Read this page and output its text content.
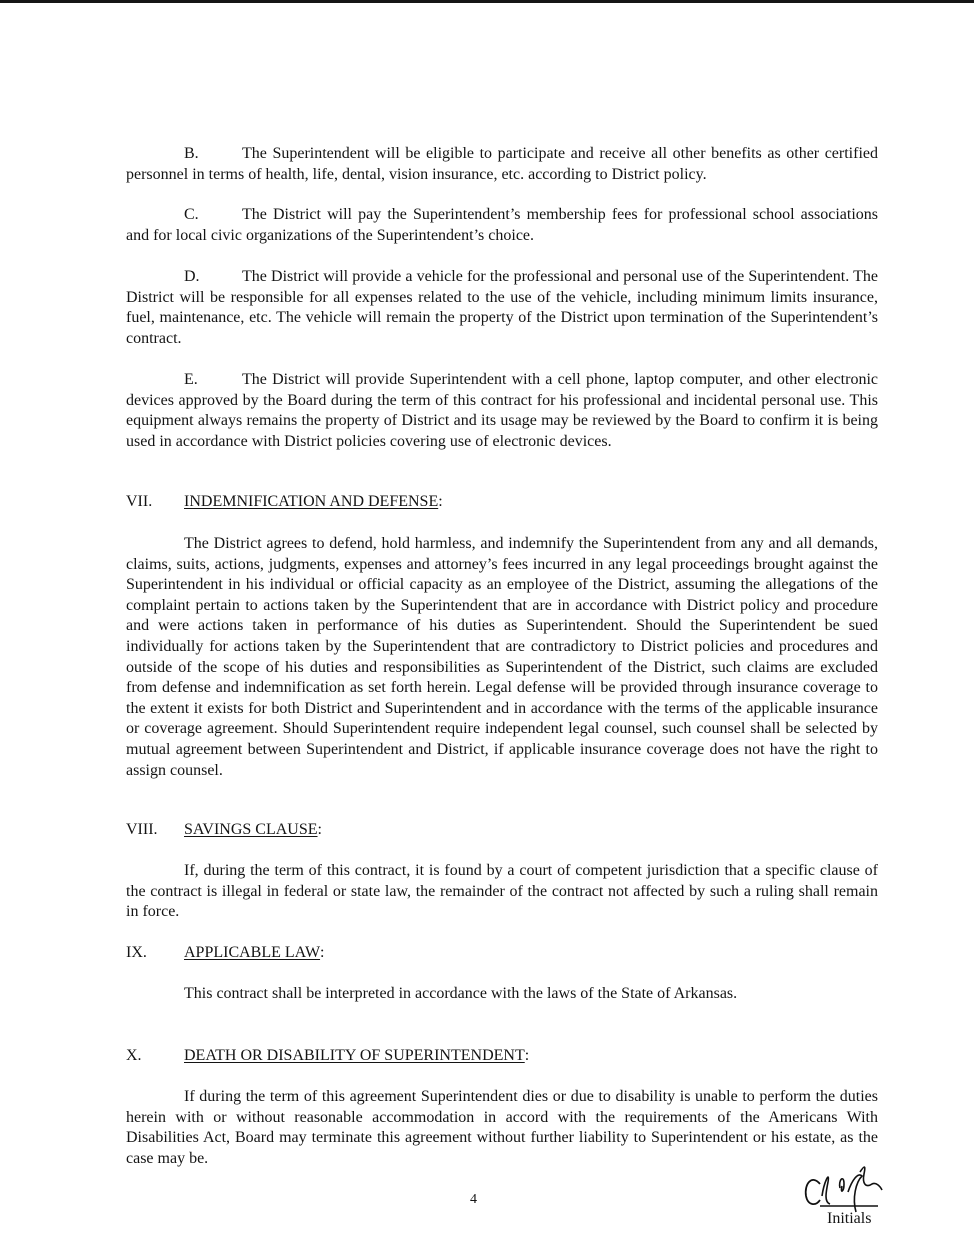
B.	The Superintendent will be eligible to participate and receive all other benefits as other certified personnel in terms of health, life, dental, vision insurance, etc. according to District policy.

C.	The District will pay the Superintendent’s membership fees for professional school associations and for local civic organizations of the Superintendent’s choice.

D.	The District will provide a vehicle for the professional and personal use of the Superintendent. The District will be responsible for all expenses related to the use of the vehicle, including minimum limits insurance, fuel, maintenance, etc. The vehicle will remain the property of the District upon termination of the Superintendent’s contract.

E.	The District will provide Superintendent with a cell phone, laptop computer, and other electronic devices approved by the Board during the term of this contract for his professional and incidental personal use. This equipment always remains the property of District and its usage may be reviewed by the Board to confirm it is being used in accordance with District policies covering use of electronic devices.

VII.	INDEMNIFICATION AND DEFENSE :

The District agrees to defend, hold harmless, and indemnify the Superintendent from any and all demands, claims, suits, actions, judgments, expenses and attorney’s fees incurred in any legal proceedings brought against the Superintendent in his individual or official capacity as an employee of the District, assuming the allegations of the complaint pertain to actions taken by the Superintendent that are in accordance with District policy and procedure and were actions taken in performance of his duties as Superintendent. Should the Superintendent be sued individually for actions taken by the Superintendent that are contradictory to District policies and procedures and outside of the scope of his duties and responsibilities as Superintendent of the District, such claims are excluded from defense and indemnification as set forth herein. Legal defense will be provided through insurance coverage to the extent it exists for both District and Superintendent and in accordance with the terms of the applicable insurance or coverage agreement. Should Superintendent require independent legal counsel, such counsel shall be selected by mutual agreement between Superintendent and District, if applicable insurance coverage does not have the right to assign counsel.

VIII.	SAVINGS CLAUSE :

If, during the term of this contract, it is found by a court of competent jurisdiction that a specific clause of the contract is illegal in federal or state law, the remainder of the contract not affected by such a ruling shall remain in force.

IX.	APPLICABLE LAW :

This contract shall be interpreted in accordance with the laws of the State of Arkansas.

X.	DEATH OR DISABILITY OF SUPERINTENDENT :

If during the term of this agreement Superintendent dies or due to disability is unable to perform the duties herein with or without reasonable accommodation in accord with the requirements of the Americans With Disabilities Act, Board may terminate this agreement without further liability to Superintendent or his estate, as the case may be.

4
Initials
